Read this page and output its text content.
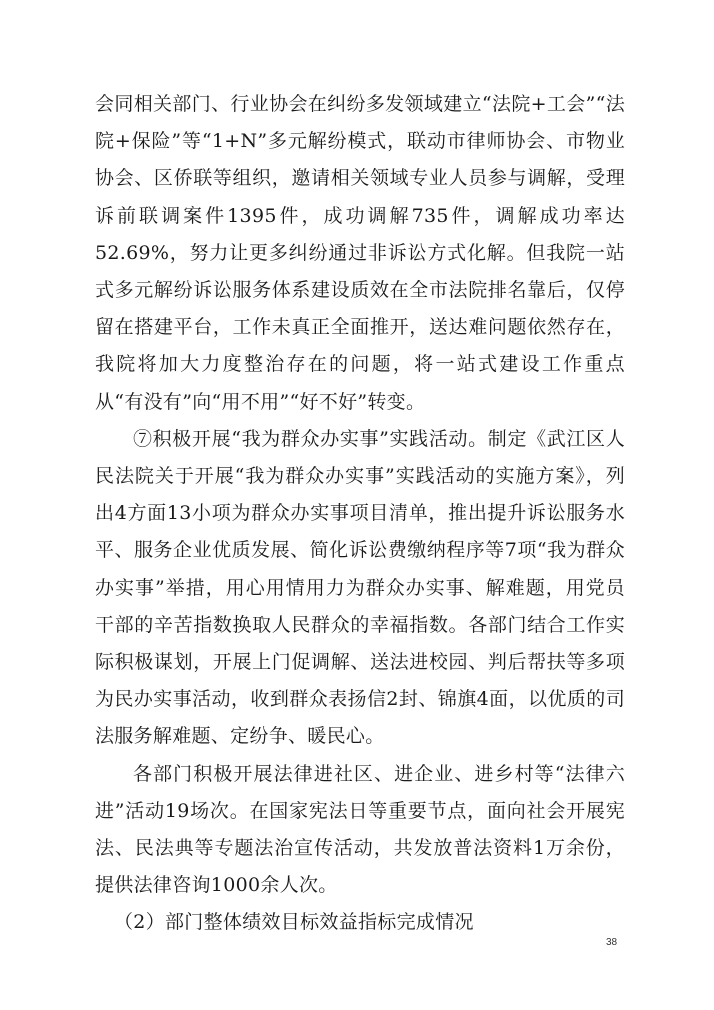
会同相关部门、行业协会在纠纷多发领域建立“法院+工会”“法院+保险”等“1+N”多元解纷模式，联动市律师协会、市物业协会、区侨联等组织，邀请相关领域专业人员参与调解，受理诉前联调案件1395件，成功调解735件，调解成功率达52.69%，努力让更多纠纷通过非诉讼方式化解。但我院一站式多元解纷诉讼服务体系建设质效在全市法院排名靠后，仅停留在搭建平台，工作未真正全面推开，送达难问题依然存在，我院将加大力度整治存在的问题，将一站式建设工作重点从“有没有”向“用不用”“好不好”转变。

⑦积极开展“我为群众办实事”实践活动。制定《武江区人民法院关于开展“我为群众办实事”实践活动的实施方案》，列出4方面13小项为群众办实事项目清单，推出提升诉讼服务水平、服务企业优质发展、简化诉讼费缴纳程序等7项“我为群众办实事”举措，用心用情用力为群众办实事、解难题，用党员干部的辛苦指数换取人民群众的幸福指数。各部门结合工作实际积极谋划，开展上门促调解、送法进校园、判后帮扶等多项为民办实事活动，收到群众表扬信2封、锦旗4面，以优质的司法服务解难题、定纷争、暖民心。

各部门积极开展法律进社区、进企业、进乡村等“法律六进”活动19场次。在国家宪法日等重要节点，面向社会开展宪法、民法典等专题法治宣传活动，共发放普法资料1万余份，提供法律咨询1000余人次。

（2）部门整体绩效目标效益指标完成情况

38
